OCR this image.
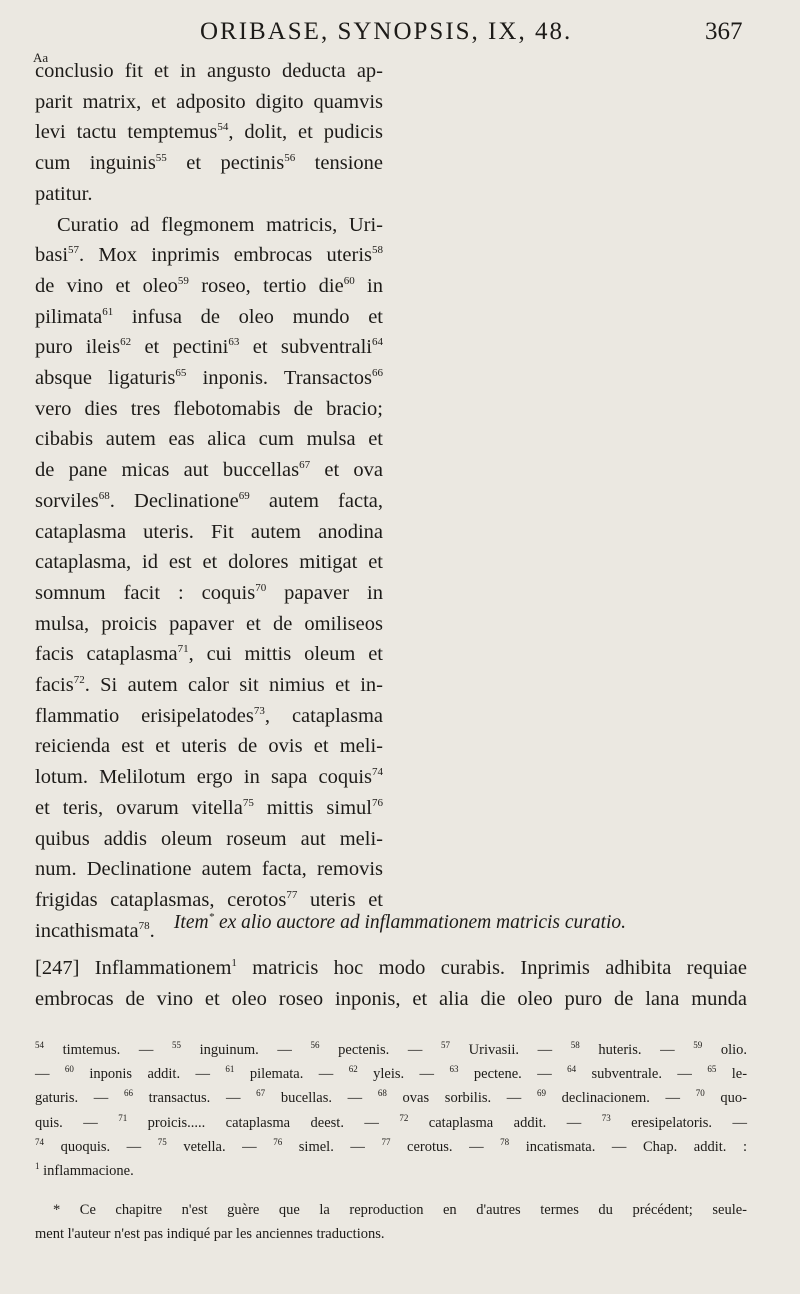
ORIBASE, SYNOPSIS, IX, 48.	367
Aa

conclusio fit et in angusto deducta ap-

parit matrix, et adposito digito quamvis

levi tactu temptemus$^{54}$, dolit, et pudicis

cum inguinis$^{55}$ et pectinis$^{56}$ tensione

patitur.

Curatio ad flegmonem matricis, Uri-

basi$^{57}$. Mox inprimis embrocas uteris$^{58}$

de vino et oleo$^{59}$ roseo, tertio die$^{60}$ in

pilimata$^{61}$ infusa de oleo mundo et

puro ileis$^{62}$ et pectini$^{63}$ et subventrali$^{64}$

absque ligaturis$^{65}$ inponis. Transactos$^{66}$

vero dies tres flebotomabis de bracio;

cibabis autem eas alica cum mulsa et

de pane micas aut buccellas$^{67}$ et ova

sorviles$^{68}$. Declinatione$^{69}$ autem facta,

cataplasma uteris. Fit autem anodina

cataplasma, id est et dolores mitigat et

somnum facit : coquis$^{70}$ papaver in

mulsa, proicis papaver et de omiliseos

facis cataplasma$^{71}$, cui mittis oleum et

facis$^{72}$. Si autem calor sit nimius et in-

flammatio erisipelatodes$^{73}$, cataplasma

reicienda est et uteris de ovis et meli-

lotum. Melilotum ergo in sapa coquis$^{74}$

et teris, ovarum vitella$^{75}$ mittis simul$^{76}$

quibus addis oleum roseum aut meli-

num. Declinatione autem facta, removis

frigidas cataplasmas, cerotos$^{77}$ uteris et

incathismata$^{78}$. Item* ex alio auctore ad inflammationem matricis curatio.

[247] Inflammationem$^1$ matricis hoc modo curabis. Inprimis adhibita requiae

embrocas de vino et oleo roseo inponis, et alia die oleo puro de lana munda

$^{54}$ timtemus. — $^{55}$ inguinum. — $^{56}$ pectenis. — $^{57}$ Urivasii. — $^{58}$ huteris. — $^{59}$ olio.

— $^{60}$ inponis addit. — $^{61}$ pilemata. — $^{62}$ yleis. — $^{63}$ pectene. — $^{64}$ subventrale. — $^{65}$ le-

gaturis. — $^{66}$ transactus. — $^{67}$ bucellas. — $^{68}$ ovas sorbilis. — $^{69}$ declinacionem. — $^{70}$ quo-

quis. — $^{71}$ proicis..... cataplasma deest. — $^{72}$ cataplasma addit. — $^{73}$ eresipelatoris. —

$^{74}$ quoquis. — $^{75}$ vetella. — $^{76}$ simel. — $^{77}$ cerotus. — $^{78}$ incatismata. — Chap. addit. :

$^1$ inflammacione.

* Ce chapitre n'est guère que la reproduction en d'autres termes du précédent; seule-

ment l'auteur n'est pas indiqué par les anciennes traductions.
